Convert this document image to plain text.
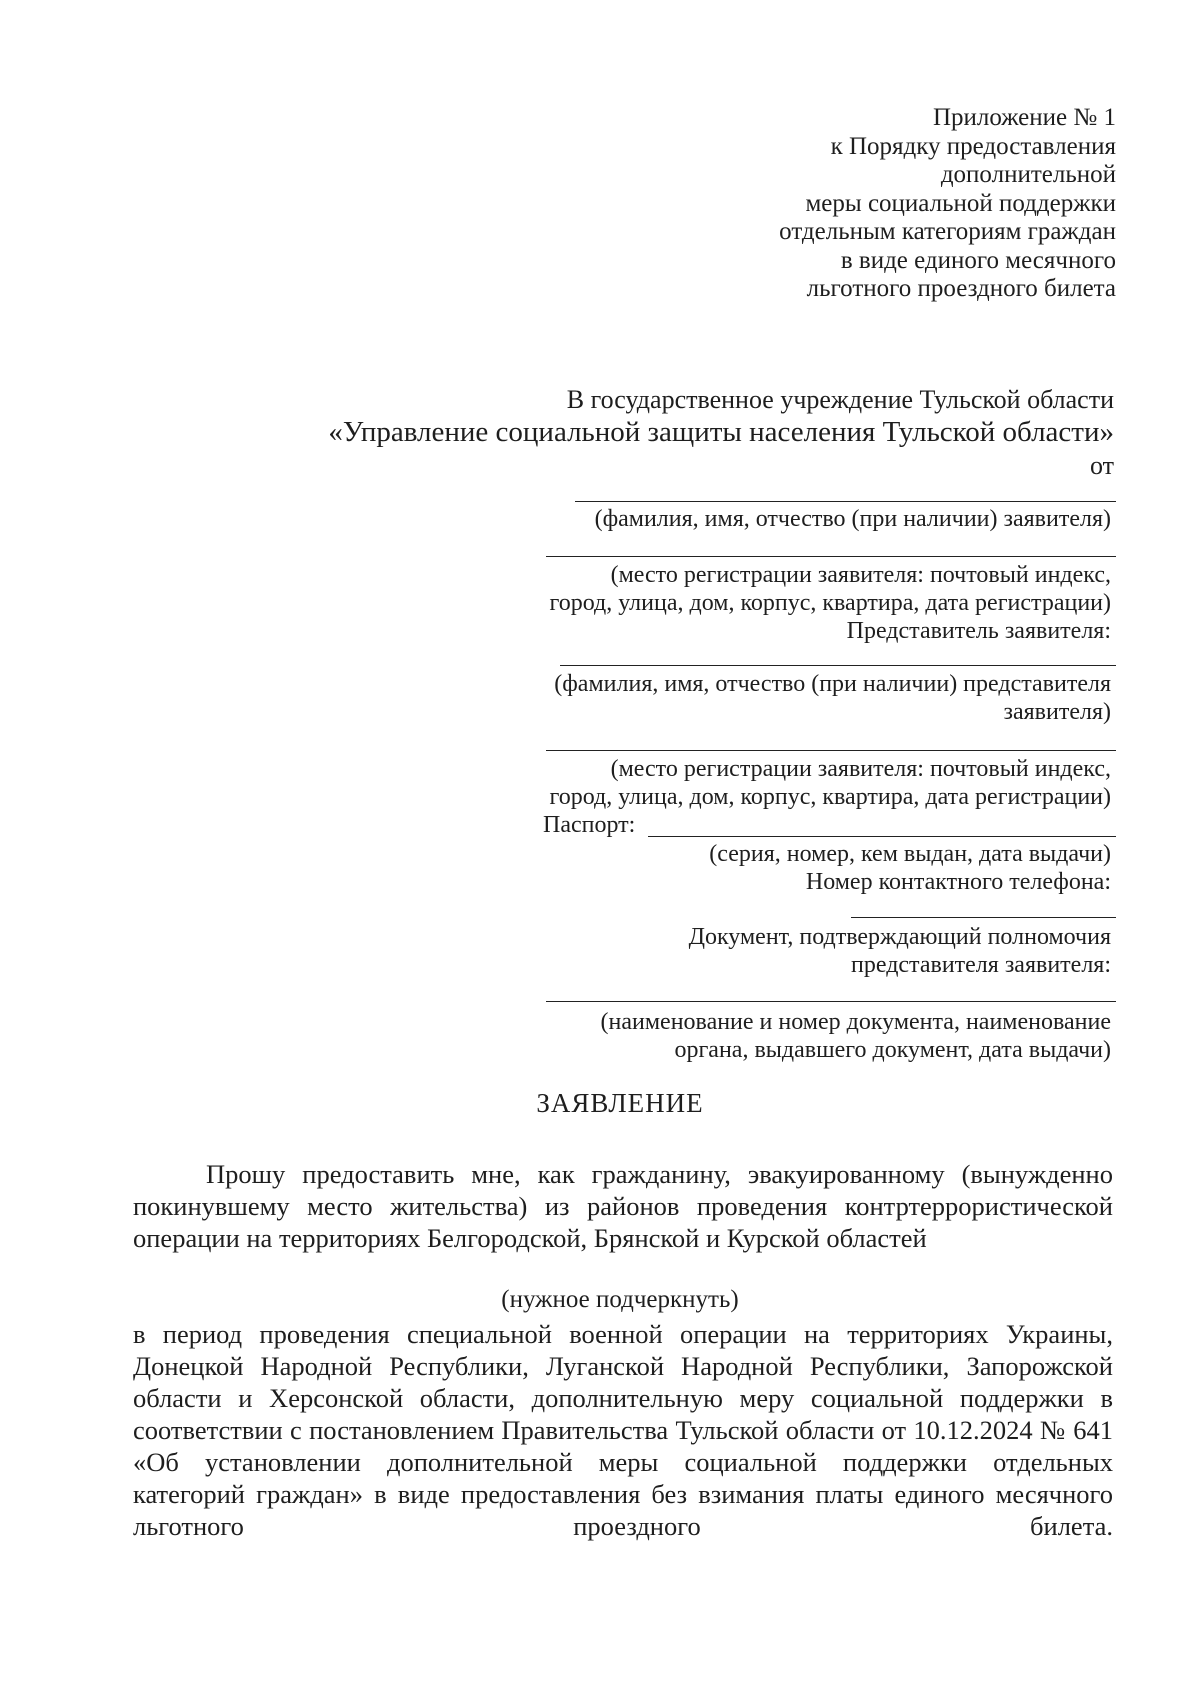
Приложение № 1
к Порядку предоставления
дополнительной
меры социальной поддержки
отдельным категориям граждан
в виде единого месячного
льготного проездного билета
В государственное учреждение Тульской области
«Управление социальной защиты населения Тульской области»
от
(фамилия, имя, отчество (при наличии) заявителя)
(место регистрации заявителя: почтовый индекс,
город, улица, дом, корпус, квартира, дата регистрации)
Представитель заявителя:
(фамилия, имя, отчество (при наличии) представителя
заявителя)
(место регистрации заявителя: почтовый индекс,
город, улица, дом, корпус, квартира, дата регистрации)
Паспорт:
(серия, номер, кем выдан, дата выдачи)
Номер контактного телефона:
Документ, подтверждающий полномочия
представителя заявителя:
(наименование и номер документа, наименование
органа, выдавшего документ, дата выдачи)
ЗАЯВЛЕНИЕ

Прошу предоставить мне, как гражданину, эвакуированному (вынужденно покинувшему место жительства) из районов проведения контртеррористической операции на территориях Белгородской, Брянской и Курской областей

(нужное подчеркнуть)

в период проведения специальной военной операции на территориях Украины, Донецкой Народной Республики, Луганской Народной Республики, Запорожской области и Херсонской области, дополнительную меру социальной поддержки в соответствии с постановлением Правительства Тульской области от 10.12.2024 № 641 «Об установлении дополнительной меры социальной поддержки отдельных категорий граждан» в виде предоставления без взимания платы единого месячного льготного проездного билета.
